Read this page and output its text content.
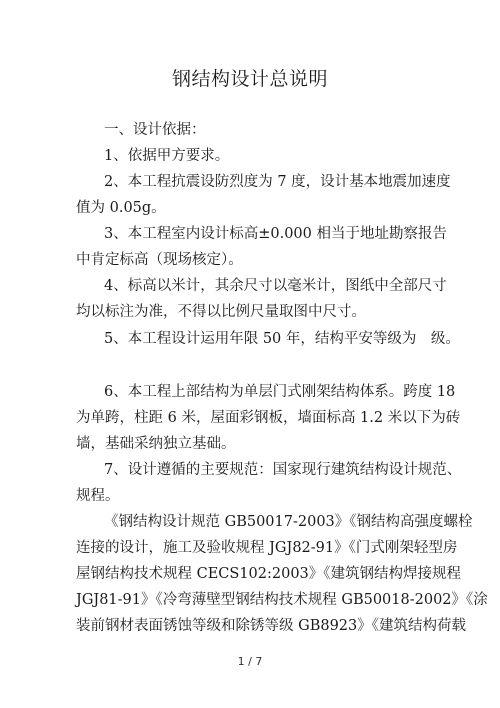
钢结构设计总说明
一、设计依据：
1、依据甲方要求。
2、本工程抗震设防烈度为 7 度，设计基本地震加速度
值为 0.05g。
3、本工程室内设计标高±0.000 相当于地址勘察报告
中肯定标高（现场核定）。
4、标高以米计，其余尺寸以毫米计，图纸中全部尺寸
均以标注为准，不得以比例尺量取图中尺寸。
5、本工程设计运用年限 50 年，结构平安等级为　级。
6、本工程上部结构为单层门式刚架结构体系。跨度 18
为单跨，柱距 6 米，屋面彩钢板，墙面标高 1.2 米以下为砖
墙，基础采纳独立基础。
7、设计遵循的主要规范：国家现行建筑结构设计规范、
规程。
《钢结构设计规范 GB50017-2003》《钢结构高强度螺栓
连接的设计，施工及验收规程 JGJ82-91》《门式刚架轻型房
屋钢结构技术规程 CECS102:2003》《建筑钢结构焊接规程
JGJ81-91》《冷弯薄壁型钢结构技术规程 GB50018-2002》《涂
装前钢材表面锈蚀等级和除锈等级 GB8923》《建筑结构荷载
1 / 7
